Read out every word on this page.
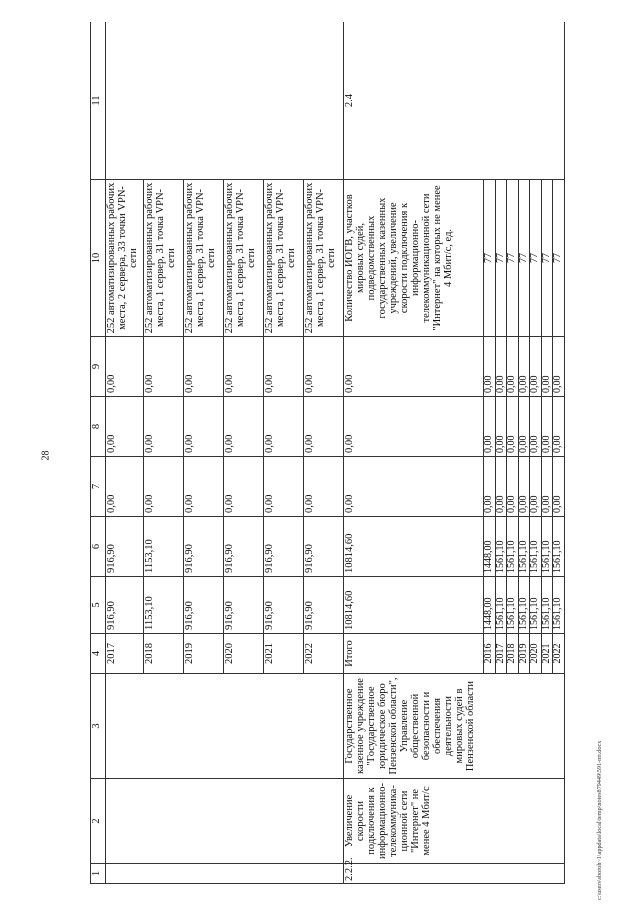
28
1	2	3	4	5	6	7	8	9	10	11
			2017	916,90	916,90	0,00	0,00	0,00	252 автоматизированных рабочих места, 2 сервера, 33 точки VPN-сети	
			2018	1153,10	1153,10	0,00	0,00	0,00	252 автоматизированных рабочих места, 1 сервер, 31 точка VPN-сети	
			2019	916,90	916,90	0,00	0,00	0,00	252 автоматизированных рабочих места, 1 сервер, 31 точка VPN-сети	
			2020	916,90	916,90	0,00	0,00	0,00	252 автоматизированных рабочих места, 1 сервер, 31 точка VPN-сети	
			2021	916,90	916,90	0,00	0,00	0,00	252 автоматизированных рабочих места, 1 сервер, 31 точка VPN-сети	
			2022	916,90	916,90	0,00	0,00	0,00	252 автоматизированных рабочих места, 1 сервер, 31 точка VPN-сети	
2.2.2.	Увеличение скорости подключения к информационно-телекоммуника-ционной сети "Интернет" не менее 4 Мбит/с	Государственное казенное учреждение "Государственное юридическое бюро Пензенской области", Управление общественной безопасности и обеспечения деятельности мировых судей в Пензенской области	Итого	10814,60	10814,60	0,00	0,00	0,00	Количество ИОГВ, участков мировых судей, подведомственных государственных казенных учреждений, увеличение скорости подключения к информационно-телекоммуникационной сети "Интернет" на которых не менее 4 Мбит/с, ед.	2.4
			2016	1448,00	1448,00	0,00	0,00	0,00	77	
			2017	1561,10	1561,10	0,00	0,00	0,00	77	
			2018	1561,10	1561,10	0,00	0,00	0,00	77	
			2019	1561,10	1561,10	0,00	0,00	0,00	77	
			2020	1561,10	1561,10	0,00	0,00	0,00	77	
			2021	1561,10	1561,10	0,00	0,00	0,00	77	
			2022	1561,10	1561,10	0,00	0,00	0,00	77	
c:\users\sboroh~1\appdata\local\temp\notes879449\591-пп.docx
